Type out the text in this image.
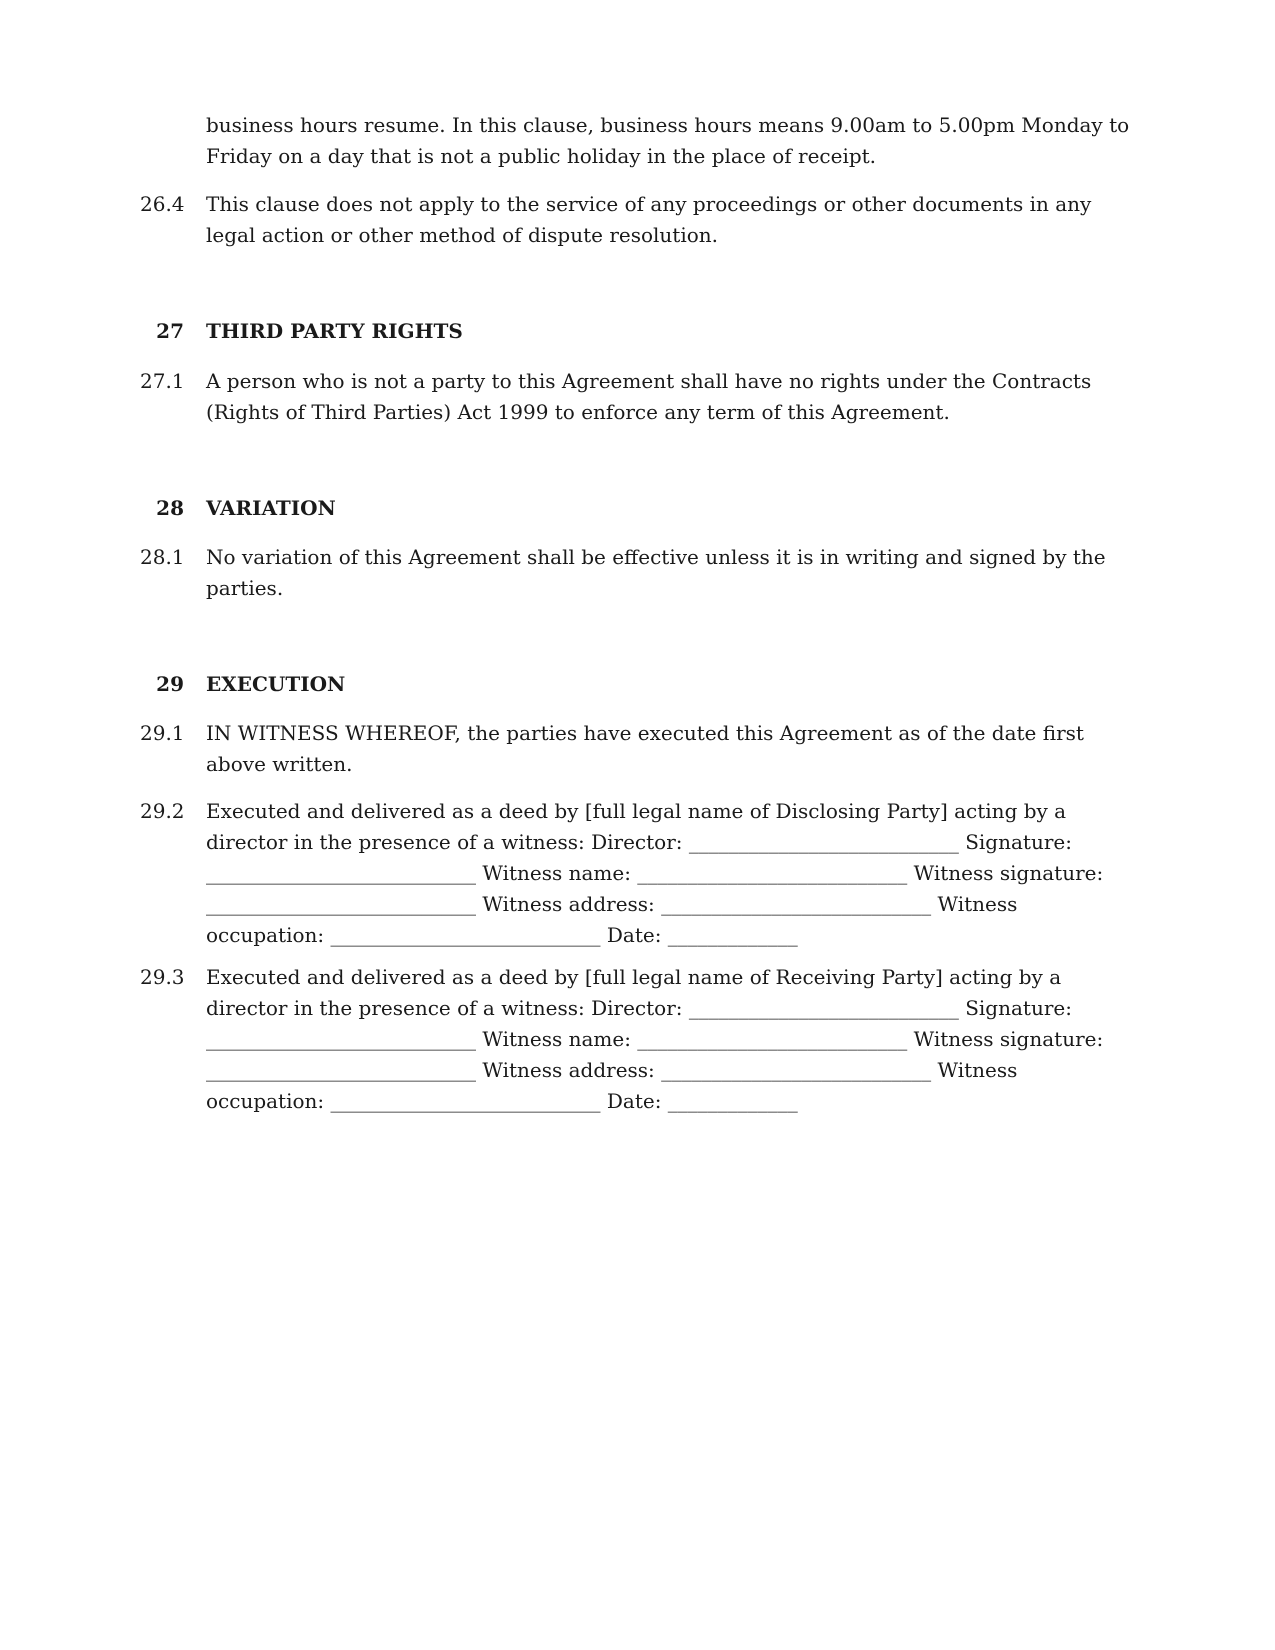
business hours resume. In this clause, business hours means 9.00am to 5.00pm Monday to Friday on a day that is not a public holiday in the place of receipt.
26.4	This clause does not apply to the service of any proceedings or other documents in any legal action or other method of dispute resolution.
27 THIRD PARTY RIGHTS
27.1	A person who is not a party to this Agreement shall have no rights under the Contracts (Rights of Third Parties) Act 1999 to enforce any term of this Agreement.
28 VARIATION
28.1	No variation of this Agreement shall be effective unless it is in writing and signed by the parties.
29 EXECUTION
29.1	IN WITNESS WHEREOF, the parties have executed this Agreement as of the date first above written.
29.2	Executed and delivered as a deed by [full legal name of Disclosing Party] acting by a director in the presence of a witness: Director: ___________________________ Signature: ___________________________ Witness name: ___________________________ Witness signature: ___________________________ Witness address: ___________________________ Witness occupation: ___________________________ Date: _____________
29.3	Executed and delivered as a deed by [full legal name of Receiving Party] acting by a director in the presence of a witness: Director: ___________________________ Signature: ___________________________ Witness name: ___________________________ Witness signature: ___________________________ Witness address: ___________________________ Witness occupation: ___________________________ Date: _____________
